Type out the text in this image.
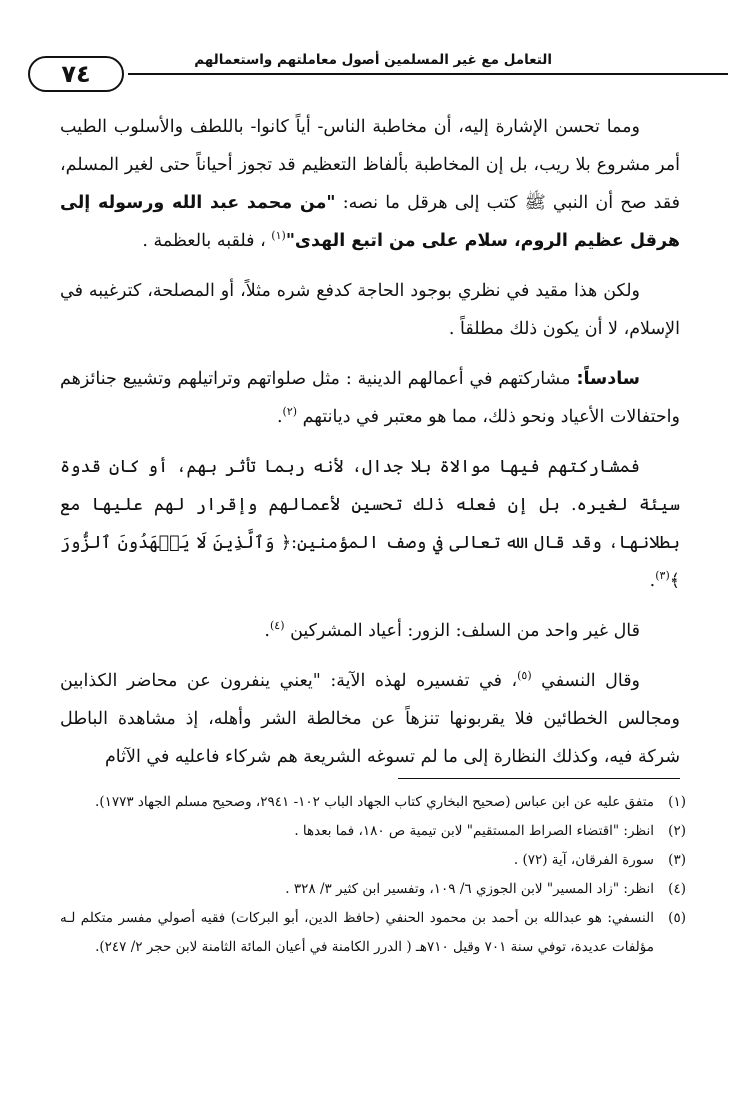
٧٤	التعامل مع غير المسلمين أصول معاملتهم واستعمالهم

ومما تحسن الإشارة إليه، أن مخاطبة الناس- أياً كانوا- باللطف والأسلوب الطيب أمر مشروع بلا ريب، بل إن المخاطبة بألفاظ التعظيم قد تجوز أحياناً حتى لغير المسلم، فقد صح أن النبي ﷺ كتب إلى هرقل ما نصه: "من محمد عبد الله ورسوله إلى هرقل عظيم الروم، سلام على من اتبع الهدى"$^{(١)}$ ، فلقبه بالعظمة .

ولكن هذا مقيد في نظري بوجود الحاجة كدفع شره مثلاً، أو المصلحة، كترغيبه في الإسلام، لا أن يكون ذلك مطلقاً .

سادساً: مشاركتهم في أعمالهم الدينية : مثل صلواتهم وتراتيلهم وتشييع جنائزهم واحتفالات الأعياد ونحو ذلك، مما هو معتبر في ديانتهم $^{(٢)}$.

فمشاركتهم فيها موالاة بلا جدال، لأنه ربما تأثر بهم، أو كان قدوة سيئة لغيره. بل إن فعله ذلك تحسين لأعمالهم وإقرار لهم عليها مع بطلانها، وقد قال الله تعالى في وصف المؤمنين:﴿ وَٱلَّذِينَ لَا يَشۡهَدُونَ ٱلزُّورَ ﴾$^{(٣)}$.

قال غير واحد من السلف: الزور: أعياد المشركين $^{(٤)}$.

وقال النسفي $^{(٥)}$، في تفسيره لهذه الآية: "يعني ينفرون عن محاضر الكذابين ومجالس الخطائين فلا يقربونها تنزهاً عن مخالطة الشر وأهله، إذ مشاهدة الباطل شركة فيه، وكذلك النظارة إلى ما لم تسوغه الشريعة هم شركاء فاعليه في الآثام

(١)
متفق عليه عن ابن عباس (صحيح البخاري كتاب الجهاد الباب ١٠٢- ٢٩٤١، وصحيح مسلم الجهاد ١٧٧٣).
(٢)
انظر: "اقتضاء الصراط المستقيم" لابن تيمية ص ١٨٠، فما بعدها .
(٣)
سورة الفرقان، آية (٧٢) .
(٤)
انظر: "زاد المسير" لابن الجوزي ٦/ ١٠٩، وتفسير ابن كثير ٣/ ٣٢٨ .
(٥)
النسفي: هو عبدالله بن أحمد بن محمود الحنفي (حافظ الدين، أبو البركات) فقيه أصولي مفسر متكلم لـه مؤلفات عديدة، توفي سنة ٧٠١ وقيل ٧١٠هـ ( الدرر الكامنة في أعيان المائة الثامنة لابن حجر ٢/ ٢٤٧).
